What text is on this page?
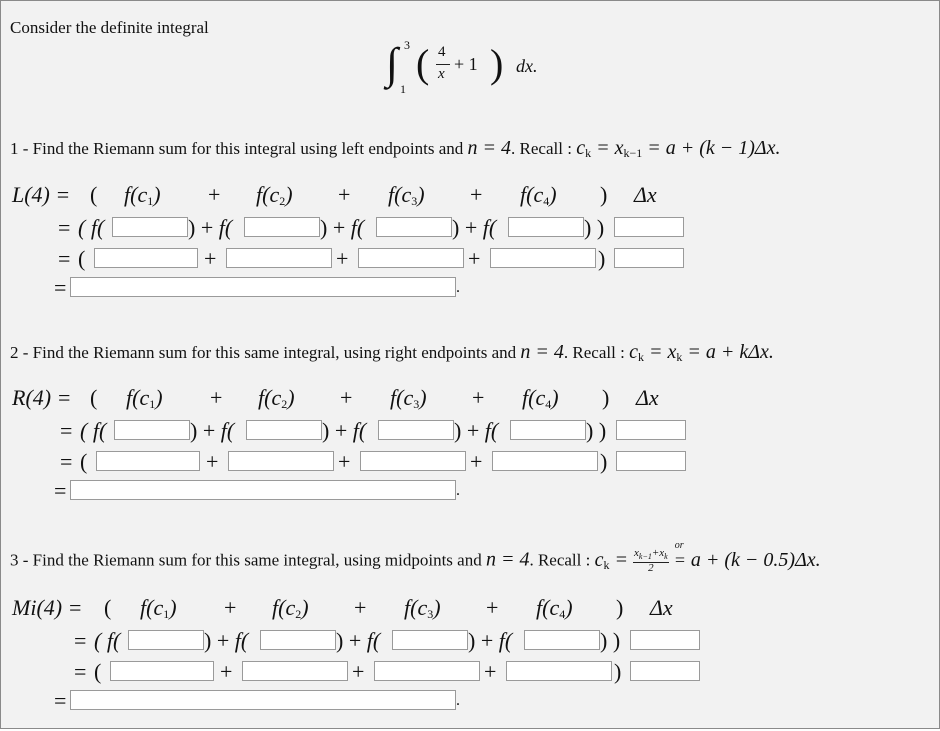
Consider the definite integral
∫ 3
1
( 4
x + 1 ) dx.
1 - Find the Riemann sum for this integral using left endpoints and n = 4. Recall : $c_k = x_{k-1} = a + (k - 1)\Delta x$.
L(4) = ( $f(c_1) + f(c_2) + f(c_3) + f(c_4)$ ) Δx
= ( f(	) + f(	) + f(	) + f(	) )
= (	+	+	+	)
=	.
2 - Find the Riemann sum for this same integral, using right endpoints and n = 4. Recall : $c_k = x_k = a + k\Delta x$.
R(4) = ( $f(c_1) + f(c_2) + f(c_3) + f(c_4)$ ) Δx
= ( f(	) + f(	) + f(	) + f(	) )
= (	+	+	+	)
=	.
3 - Find the Riemann sum for this same integral, using midpoints and n = 4. Recall : $c_k = \frac{x_{k-1}+x_k}{2}$ =
or
a + (k − 0.5)Δx.
Mi(4) = ( $f(c_1) + f(c_2) + f(c_3) + f(c_4)$ ) Δx
= ( f(	) + f(	) + f(	) + f(	) )
= (	+	+	+	)
=	.
